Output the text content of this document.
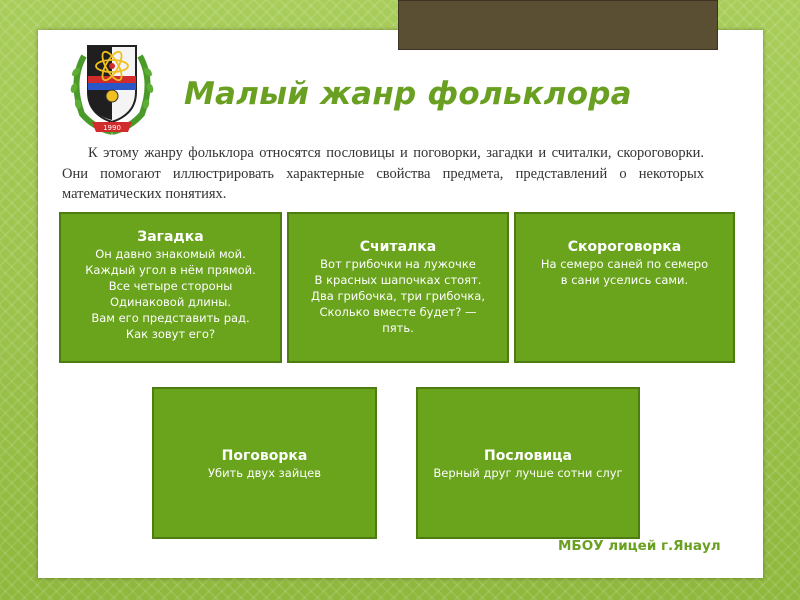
1990
Малый жанр фольклора
К этому жанру фольклора относятся пословицы и поговорки, загадки и считалки, скороговорки. Они помогают иллюстрировать характерные свойства предмета, представлений о некоторых математических понятиях.
Загадка
Он давно знакомый мой.
Каждый угол в нём прямой.
Все четыре стороны
Одинаковой длины.
Вам его представить рад.
Как зовут его?
Считалка
Вот грибочки на лужочке
В красных шапочках стоят.
Два грибочка, три грибочка,
Сколько вместе будет? —
пять.
Скороговорка
На семеро саней по семеро
в сани уселись сами.
Поговорка
Убить двух зайцев
Пословица
Верный друг лучше сотни слуг
МБОУ лицей г.Янаул
